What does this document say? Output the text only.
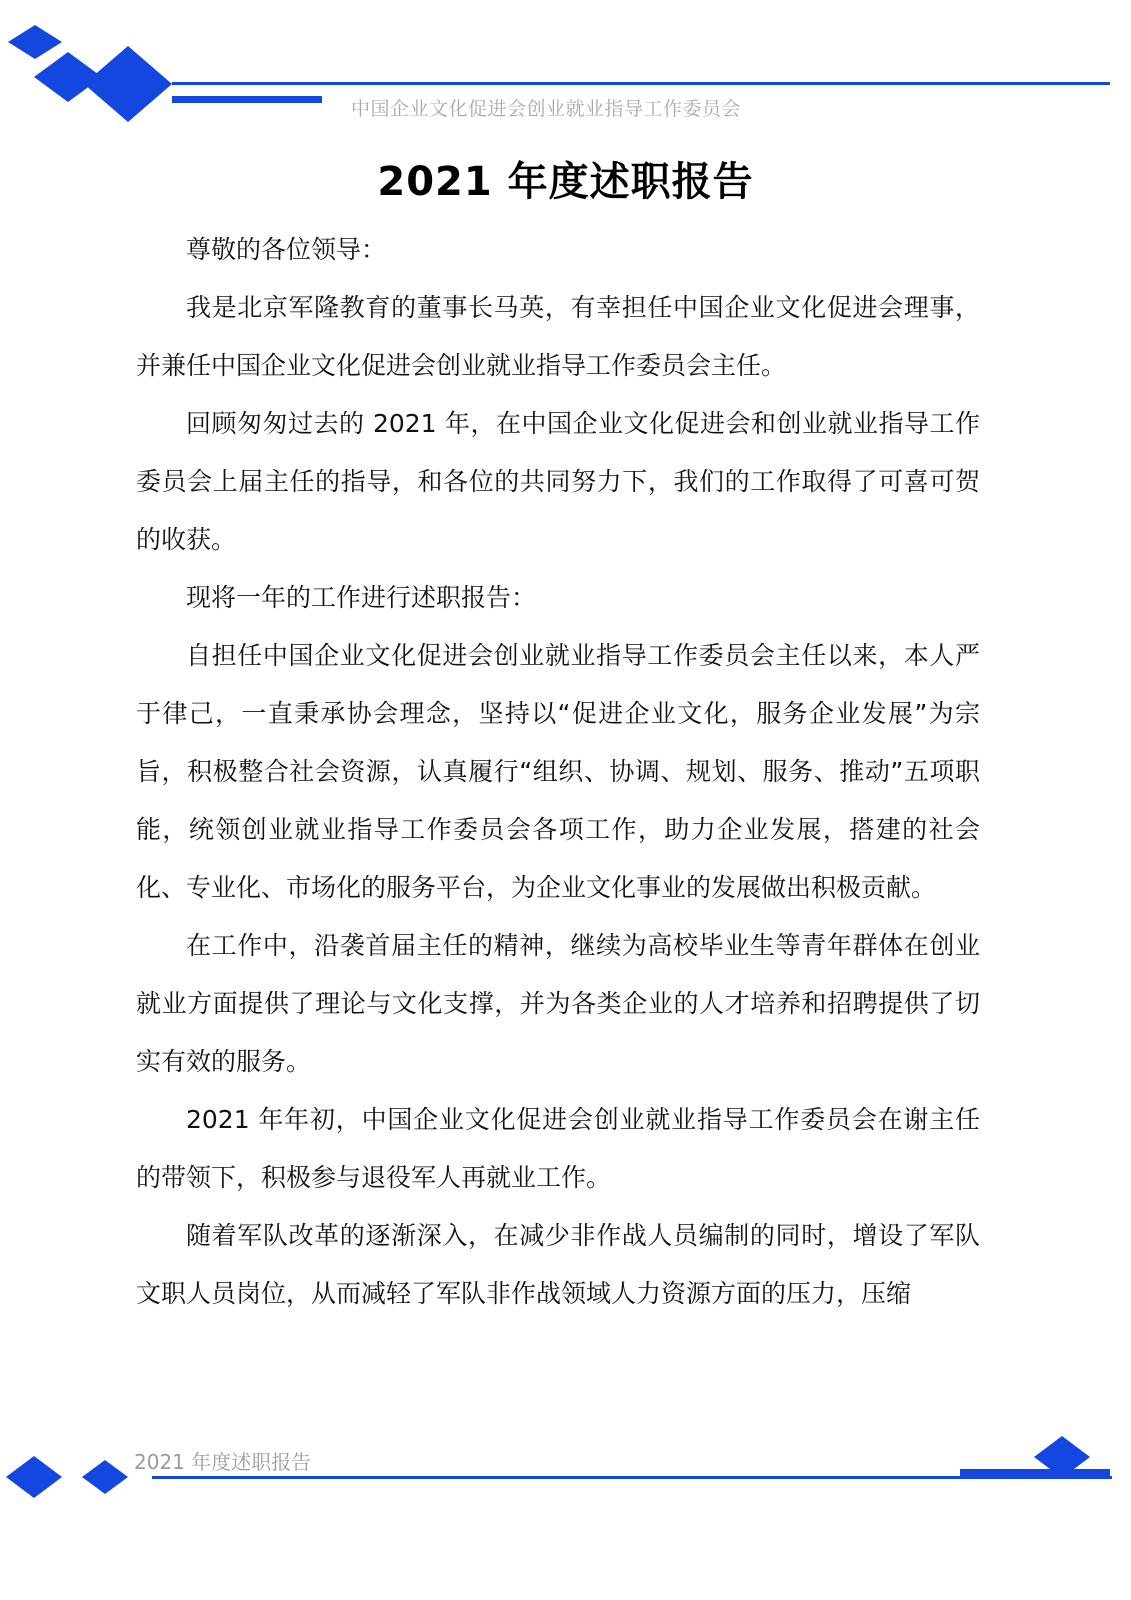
中国企业文化促进会创业就业指导工作委员会
2021 年度述职报告

尊敬的各位领导：

我是北京军隆教育的董事长马英，有幸担任中国企业文化促进会理事，并兼任中国企业文化促进会创业就业指导工作委员会主任。

回顾匆匆过去的 2021 年，在中国企业文化促进会和创业就业指导工作委员会上届主任的指导，和各位的共同努力下，我们的工作取得了可喜可贺的收获。

现将一年的工作进行述职报告：

自担任中国企业文化促进会创业就业指导工作委员会主任以来，本人严于律己，一直秉承协会理念，坚持以“促进企业文化，服务企业发展”为宗旨，积极整合社会资源，认真履行“组织、协调、规划、服务、推动”五项职能，统领创业就业指导工作委员会各项工作，助力企业发展，搭建的社会化、专业化、市场化的服务平台，为企业文化事业的发展做出积极贡献。

在工作中，沿袭首届主任的精神，继续为高校毕业生等青年群体在创业就业方面提供了理论与文化支撑，并为各类企业的人才培养和招聘提供了切实有效的服务。

2021 年年初，中国企业文化促进会创业就业指导工作委员会在谢主任的带领下，积极参与退役军人再就业工作。

随着军队改革的逐渐深入，在减少非作战人员编制的同时，增设了军队文职人员岗位，从而减轻了军队非作战领域人力资源方面的压力，压缩

2021 年度述职报告
